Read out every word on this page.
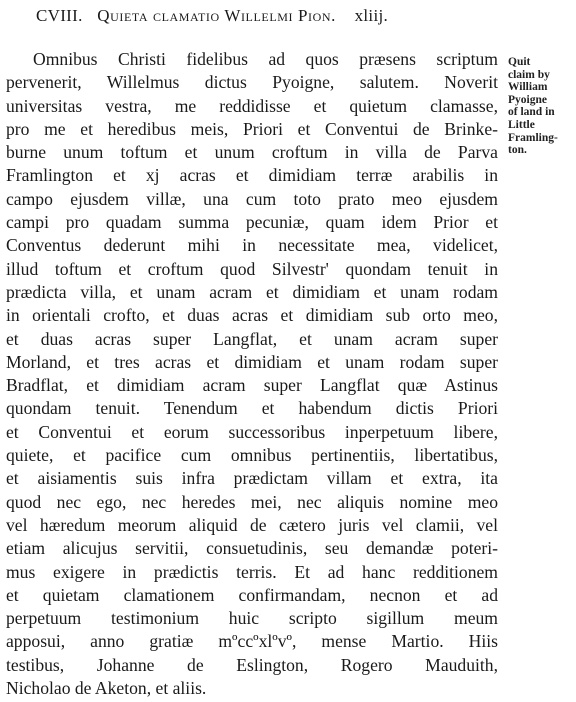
CVIII. Quieta clamatio Willelmi Pion. xliij.
Omnibus Christi fidelibus ad quos præsens scriptum
pervenerit, Willelmus dictus Pyoigne, salutem. Noverit
universitas vestra, me reddidisse et quietum clamasse,
pro me et heredibus meis, Priori et Conventui de Brinke-
burne unum toftum et unum croftum in villa de Parva
Framlington et xj acras et dimidiam terræ arabilis in
campo ejusdem villæ, una cum toto prato meo ejusdem
campi pro quadam summa pecuniæ, quam idem Prior et
Conventus dederunt mihi in necessitate mea, videlicet,
illud toftum et croftum quod Silvestr' quondam tenuit in
prædicta villa, et unam acram et dimidiam et unam rodam
in orientali crofto, et duas acras et dimidiam sub orto meo,
et duas acras super Langflat, et unam acram super
Morland, et tres acras et dimidiam et unam rodam super
Bradflat, et dimidiam acram super Langflat quæ Astinus
quondam tenuit. Tenendum et habendum dictis Priori
et Conventui et eorum successoribus inperpetuum libere,
quiete, et pacifice cum omnibus pertinentiis, libertatibus,
et aisiamentis suis infra prædictam villam et extra, ita
quod nec ego, nec heredes mei, nec aliquis nomine meo
vel hæredum meorum aliquid de cætero juris vel clamii, vel
etiam alicujus servitii, consuetudinis, seu demandæ poteri-
mus exigere in prædictis terris. Et ad hanc redditionem
et quietam clamationem confirmandam, necnon et ad
perpetuum testimonium huic scripto sigillum meum
apposui, anno gratiæ mºccºxlºvº, mense Martio. Hiis
testibus, Johanne de Eslington, Rogero Mauduith,
Nicholao de Aketon, et aliis.
Quit
claim by
William
Pyoigne
of land in
Little
Framling-
ton.
